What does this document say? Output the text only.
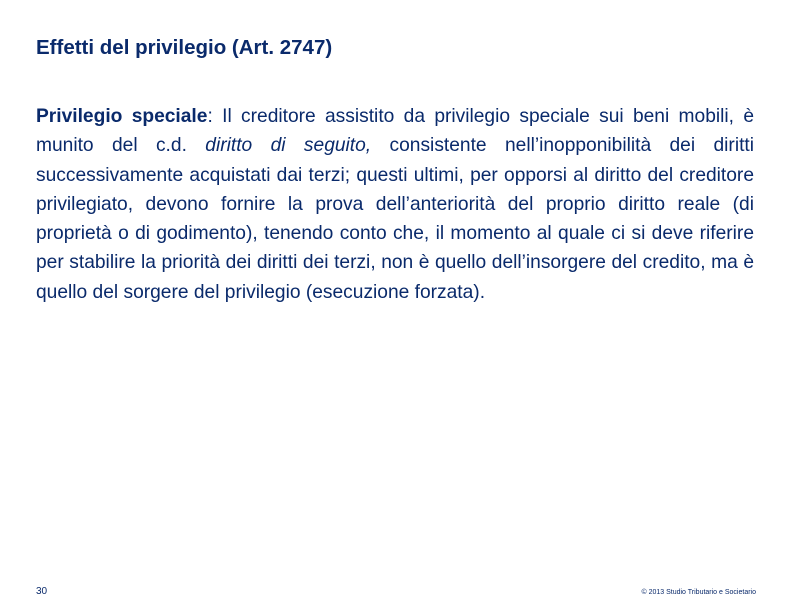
Effetti del privilegio (Art. 2747)
Privilegio speciale: Il creditore assistito da privilegio speciale sui beni mobili, è munito del c.d. diritto di seguito, consistente nell’inopponibilità dei diritti successivamente acquistati dai terzi; questi ultimi, per opporsi al diritto del creditore privilegiato, devono fornire la prova dell’anteriorità del proprio diritto reale (di proprietà o di godimento), tenendo conto che, il momento al quale ci si deve riferire per stabilire la priorità dei diritti dei terzi, non è quello dell’insorgere del credito, ma è quello del sorgere del privilegio (esecuzione forzata).
30	© 2013 Studio Tributario e Societario
